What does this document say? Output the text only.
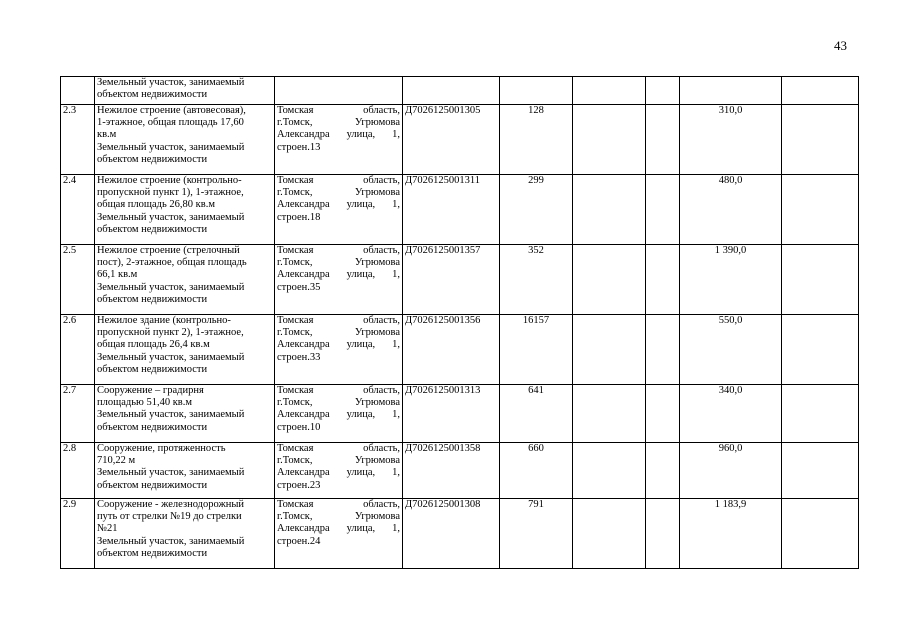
43

	Земельный участок, занимаемый
объектом недвижимости							

2.3	Нежилое строение (автовесовая),
1-этажное, общая площадь 17,60
кв.м
Земельный участок, занимаемый
объектом недвижимости	Томская область,
г.Томск, Угрюмова
Александра улица, 1,
строен.13	Д7026125001305	128			310,0	
2.4	Нежилое строение (контрольно-
пропускной пункт 1), 1-этажное,
общая площадь 26,80 кв.м
Земельный участок, занимаемый
объектом недвижимости	Томская область,
г.Томск, Угрюмова
Александра улица, 1,
строен.18	Д7026125001311	299			480,0	
2.5	Нежилое строение (стрелочный
пост), 2-этажное, общая площадь
66,1 кв.м
Земельный участок, занимаемый
объектом недвижимости	Томская область,
г.Томск, Угрюмова
Александра улица, 1,
строен.35	Д7026125001357	352			1 390,0	
2.6	Нежилое здание (контрольно-
пропускной пункт 2), 1-этажное,
общая площадь 26,4 кв.м
Земельный участок, занимаемый
объектом недвижимости	Томская область,
г.Томск, Угрюмова
Александра улица, 1,
строен.33	Д7026125001356	16157			550,0	
2.7	Сооружение – градирня
площадью 51,40 кв.м
Земельный участок, занимаемый
объектом недвижимости	Томская область,
г.Томск, Угрюмова
Александра улица, 1,
строен.10	Д7026125001313	641			340,0	
2.8	Сооружение, протяженность
710,22 м
Земельный участок, занимаемый
объектом недвижимости	Томская область,
г.Томск, Угрюмова
Александра улица, 1,
строен.23	Д7026125001358	660			960,0	
2.9	Сооружение - железнодорожный
путь от стрелки №19 до стрелки
№21
Земельный участок, занимаемый
объектом недвижимости	Томская область,
г.Томск, Угрюмова
Александра улица, 1,
строен.24	Д7026125001308	791			1 183,9	
